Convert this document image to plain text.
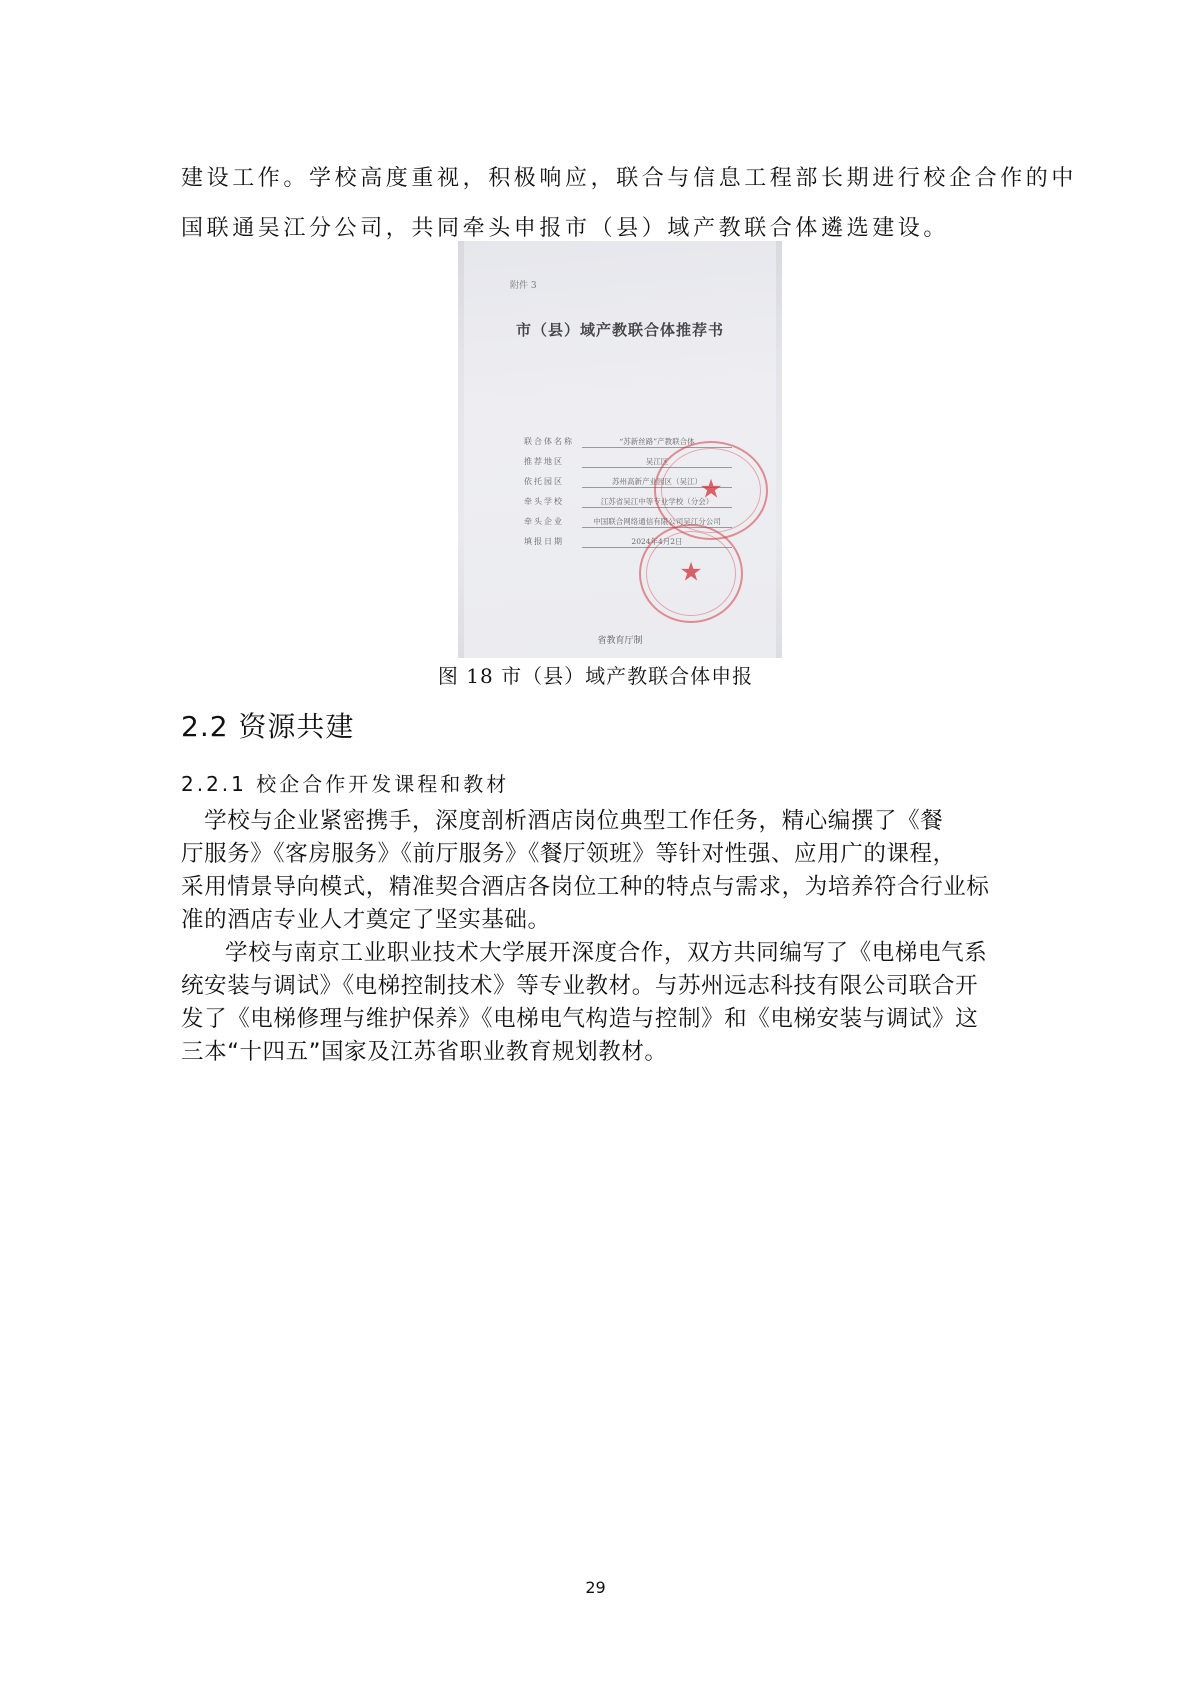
建设工作。学校高度重视，积极响应，联合与信息工程部长期进行校企合作的中
国联通吴江分公司，共同牵头申报市（县）域产教联合体遴选建设。
附件 3
市（县）域产教联合体推荐书
联合体名称	“苏新丝路”产教联合体
推荐地区	吴江区
依托园区	苏州高新产业园区（吴江）
牵头学校	江苏省吴江中等专业学校（分会）
牵头企业	中国联合网络通信有限公司吴江分公司
填报日期	2024年4月2日
★
★
省教育厅制
图 18 市（县）域产教联合体申报
2.2 资源共建
2.2.1 校企合作开发课程和教材
　学校与企业紧密携手，深度剖析酒店岗位典型工作任务，精心编撰了《餐
厅服务》《客房服务》《前厅服务》《餐厅领班》等针对性强、应用广的课程，
采用情景导向模式，精准契合酒店各岗位工种的特点与需求，为培养符合行业标
准的酒店专业人才奠定了坚实基础。
学校与南京工业职业技术大学展开深度合作，双方共同编写了《电梯电气系
统安装与调试》《电梯控制技术》等专业教材。与苏州远志科技有限公司联合开
发了《电梯修理与维护保养》《电梯电气构造与控制》和《电梯安装与调试》这
三本“十四五”国家及江苏省职业教育规划教材。
29
